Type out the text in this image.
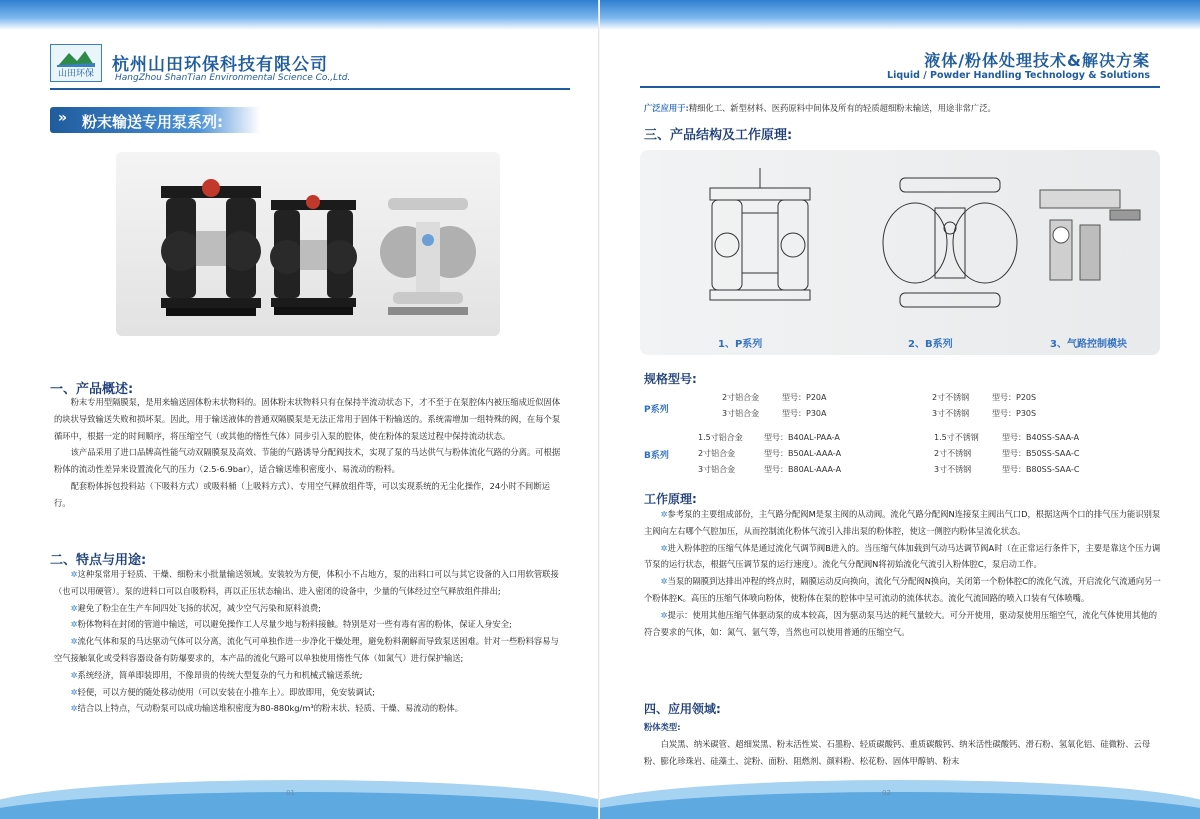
山田环保	杭州山田环保科技有限公司
HangZhou ShanTian Environmental Science Co.,Ltd.
» 粉末输送专用泵系列:
一、产品概述:

粉末专用型隔膜泵，是用来输送固体粉末状物料的。固体粉末状物料只有在保持半流动状态下，才不至于在泵腔体内被压缩成近似固体的块状导致输送失败和损坏泵。因此，用于输送液体的普通双隔膜泵是无法正常用于固体干粉输送的。系统需增加一组特殊的阀，在每个泵循环中，根据一定的时间顺序，将压缩空气（或其他的惰性气体）同步引入泵的腔体，使在粉体的泵送过程中保持流动状态。

该产品采用了进口品牌高性能气动双隔膜泵及高效、节能的气路诱导分配阀技术，实现了泵的马达供气与粉体流化气路的分离。可根据粉体的流动性差异来设置流化气的压力（2.5-6.9bar），适合输送堆积密度小、易流动的粉料。

配套粉体拆包投料站（下吸料方式）或吸料桶（上吸料方式）、专用空气释放组件等，可以实现系统的无尘化操作，24小时不间断运行。

二、特点与用途:

✲这种泵常用于轻质、干燥、细粉末小批量输送领域。安装较为方便，体积小不占地方，泵的出料口可以与其它设备的入口用软管联接（也可以用硬管）。泵的进料口可以自吸粉料，再以正压状态输出、进入密闭的设备中，少量的气体经过空气释放组件排出;

✲避免了粉尘在生产车间四处飞扬的状况，减少空气污染和原料浪费;

✲粉体物料在封闭的管道中输送，可以避免操作工人尽量少地与粉料接触。特别是对一些有毒有害的粉体，保证人身安全;

✲流化气体和泵的马达驱动气体可以分离，流化气可单独作进一步净化干燥处理，避免粉料潮解而导致泵送困难。针对一些粉料容易与空气接触氧化或受料容器设备有防爆要求的，本产品的流化气路可以单独使用惰性气体（如氮气）进行保护输送;

✲系统经济，简单即装即用，不像昂贵的传统大型复杂的气力和机械式输送系统;

✲轻便，可以方便的随处移动使用（可以安装在小推车上）。即放即用，免安装调试;

✲结合以上特点，气动粉泵可以成功输送堆积密度为80-880kg/m³的粉末状、轻质、干燥、易流动的粉体。

01
液体/粉体处理技术&解决方案
Liquid / Powder Handling Technology & Solutions
广泛应用于:精细化工、新型材料、医药原料中间体及所有的轻质超细粉末输送，用途非常广泛。
三、产品结构及工作原理:
1、P系列	2、B系列	3、气路控制模块
规格型号:
P系列
2寸铝合金	型号：P20A	2寸不锈钢	型号：P20S
3寸铝合金	型号：P30A	3寸不锈钢	型号：P30S
B系列
1.5寸铝合金	型号：B40AL-PAA-A	1.5寸不锈钢	型号：B40SS-SAA-A
2寸铝合金	型号：B50AL-AAA-A	2寸不锈钢	型号：B50SS-SAA-C
3寸铝合金	型号：B80AL-AAA-A	3寸不锈钢	型号：B80SS-SAA-C
工作原理:

✲参考泵的主要组成部份，主气路分配阀M是泵主阀的从动阀。流化气路分配阀N连接泵主阀出气口D，根据这两个口的排气压力能识别泵主阀向左右哪个气腔加压，从而控制流化粉体气流引入排出泵的粉体腔，使这一侧腔内粉体呈流化状态。

✲进入粉体腔的压缩气体是通过流化气调节阀B进入的。当压缩气体加载到气动马达调节阀A时（在正常运行条件下，主要是靠这个压力调节泵的运行状态，根据气压调节泵的运行速度）。流化气分配阀N将初始流化气流引入粉体腔C，泵启动工作。

✲当泵的隔膜到达排出冲程的终点时，隔膜运动反向换向，流化气分配阀N换向，关闭第一个粉体腔C的流化气流，开启流化气流通向另一个粉体腔K。高压的压缩气体喷向粉体，使粉体在泵的腔体中呈可流动的流体状态。流化气流回路的喷入口装有气体喷嘴。

✲提示：使用其他压缩气体驱动泵的成本较高，因为驱动泵马达的耗气量较大。可分开使用，驱动泵使用压缩空气，流化气体使用其他的符合要求的气体，如：氮气、氩气等，当然也可以使用普通的压缩空气。

四、应用领域:
粉体类型:

白炭黑、纳米碳管、超细炭黑、粉末活性炭、石墨粉、轻质碳酸钙、重质碳酸钙、纳米活性碳酸钙、滑石粉、氢氧化铝、硅微粉、云母粉、膨化珍珠岩、硅藻土、淀粉、面粉、阻燃剂、颜料粉、松花粉、固体甲醇钠、粉末

02
